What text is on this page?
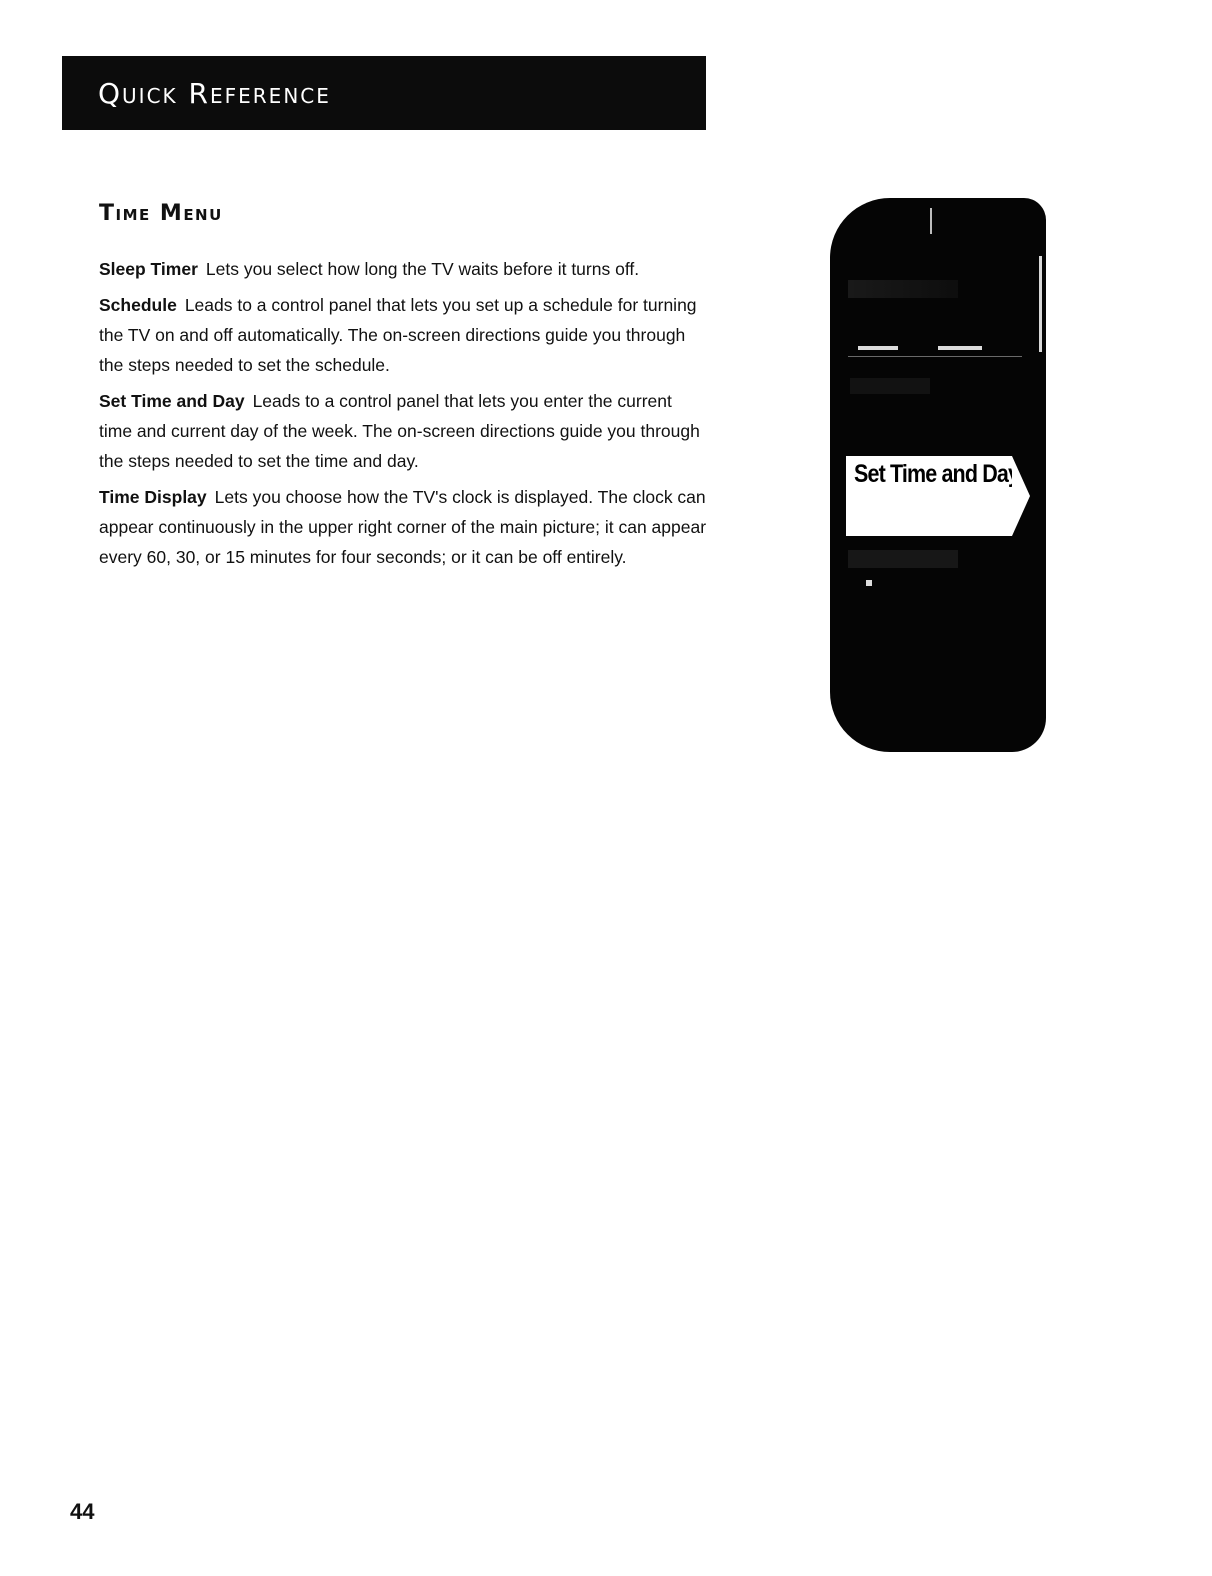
Quick Reference
Time Menu

Sleep Timer Lets you select how long the TV waits before it turns off.

Schedule Leads to a control panel that lets you set up a schedule for turning the TV on and off automatically. The on-screen directions guide you through the steps needed to set the schedule.

Set Time and Day Leads to a control panel that lets you enter the current time and current day of the week. The on-screen directions guide you through the steps needed to set the time and day.

Time Display Lets you choose how the TV's clock is displayed. The clock can appear continuously in the upper right corner of the main picture; it can appear every 60, 30, or 15 minutes for four seconds; or it can be off entirely.

Set Time and Day

44
